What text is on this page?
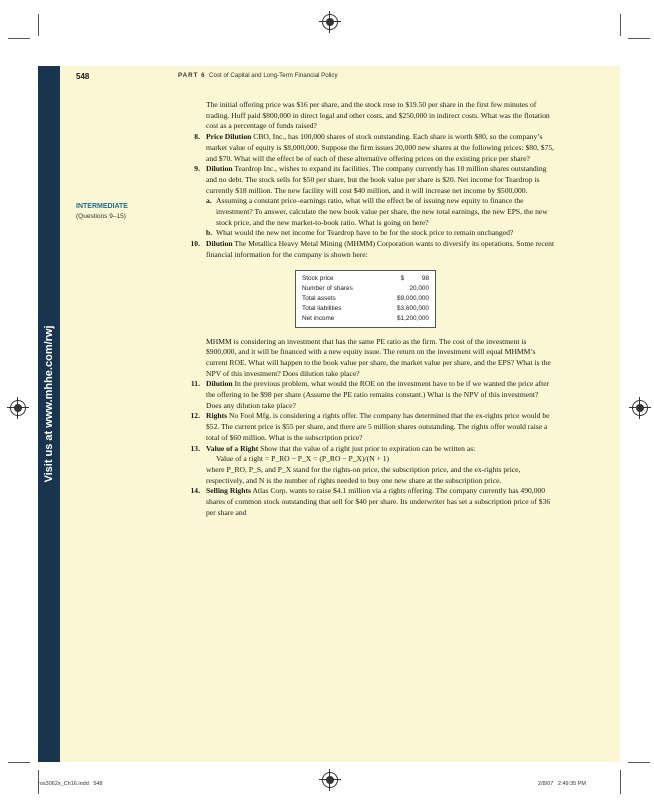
Visit us at www.mhhe.com/rwj
548	PART 6 Cost of Capital and Long-Term Financial Policy
INTERMEDIATE
(Questions 9–15)

The initial offering price was $16 per share, and the stock rose to $19.50 per share in the first few minutes of trading. Huff paid $800,000 in direct legal and other costs, and $250,000 in indirect costs. What was the flotation cost as a percentage of funds raised?

8. Price Dilution CBO, Inc., has 100,000 shares of stock outstanding. Each share is worth $80, so the company’s market value of equity is $8,000,000. Suppose the firm issues 20,000 new shares at the following prices: $80, $75, and $70. What will the effect be of each of these alternative offering prices on the existing price per share?
9. Dilution Teardrop Inc., wishes to expand its facilities. The company currently has 10 million shares outstanding and no debt. The stock sells for $50 per share, but the book value per share is $20. Net income for Teardrop is currently $18 million. The new facility will cost $40 million, and it will increase net income by $500,000.
a. Assuming a constant price–earnings ratio, what will the effect be of issuing new equity to finance the investment? To answer, calculate the new book value per share, the new total earnings, the new EPS, the new stock price, and the new market-to-book ratio. What is going on here?
b. What would the new net income for Teardrop have to be for the stock price to remain unchanged?
10. Dilution The Metallica Heavy Metal Mining (MHMM) Corporation wants to diversify its operations. Some recent financial information for the company is shown here:
Stock price	$          98
Number of shares	20,000
Total assets	$9,000,000
Total liabilities	$3,600,000
Net income	$1,200,000

MHMM is considering an investment that has the same PE ratio as the firm. The cost of the investment is $900,000, and it will be financed with a new equity issue. The return on the investment will equal MHMM’s current ROE. What will happen to the book value per share, the market value per share, and the EPS? What is the NPV of this investment? Does dilution take place?

11. Dilution In the previous problem, what would the ROE on the investment have to be if we wanted the price after the offering to be $98 per share (Assume the PE ratio remains constant.) What is the NPV of this investment? Does any dilution take place?
12. Rights No Fool Mfg. is considering a rights offer. The company has determined that the ex-rights price would be $52. The current price is $55 per share, and there are 5 million shares outstanding. The rights offer would raise a total of $60 million. What is the subscription price?
13. Value of a Right Show that the value of a right just prior to expiration can be written as:

Value of a right = P_RO − P_X = (P_RO − P_X)/(N + 1)

where P_RO, P_S, and P_X stand for the rights-on price, the subscription price, and the ex-rights price, respectively, and N is the number of rights needed to buy one new share at the subscription price.

14. Selling Rights Atlas Corp. wants to raise $4.1 million via a rights offering. The company currently has 490,000 shares of common stock outstanding that sell for $40 per share. Its underwriter has set a subscription price of $36 per share and
ros3062x_Ch16.indd   548	2/8/07   2:49:35 PM
